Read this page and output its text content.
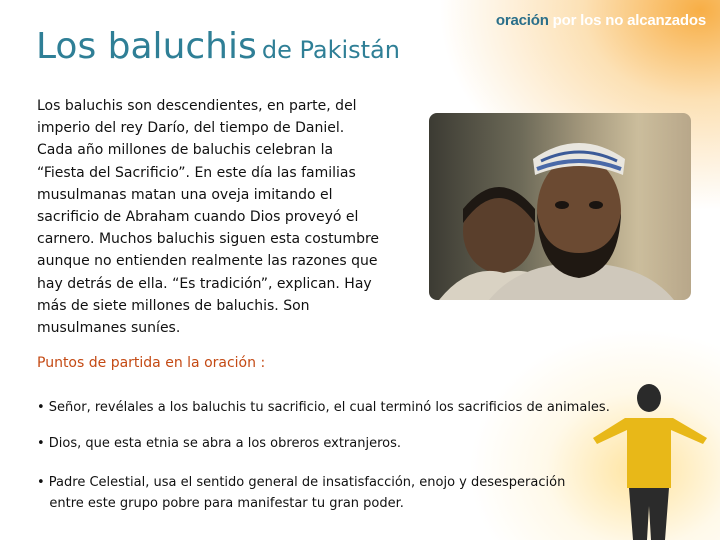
oración por los no alcanzados
Los baluchis de Pakistán
Los baluchis son descendientes, en parte, del
imperio del rey Darío, del tiempo de Daniel.
Cada año millones de baluchis celebran la
“Fiesta del Sacrificio”. En este día las familias
musulmanas matan una oveja imitando el
sacrificio de Abraham cuando Dios proveyó el
carnero. Muchos baluchis siguen esta costumbre
aunque no entienden realmente las razones que
hay detrás de ella. “Es tradición”, explican. Hay
más de siete millones de baluchis. Son
musulmanes suníes.
Puntos de partida en la oración :
• Señor, revélales a los baluchis tu sacrificio, el cual terminó los sacrificios de animales.
• Dios, que esta etnia se abra a los obreros extranjeros.
• Padre Celestial, usa el sentido general de insatisfacción, enojo y desesperación
entre este grupo pobre para manifestar tu gran poder.
